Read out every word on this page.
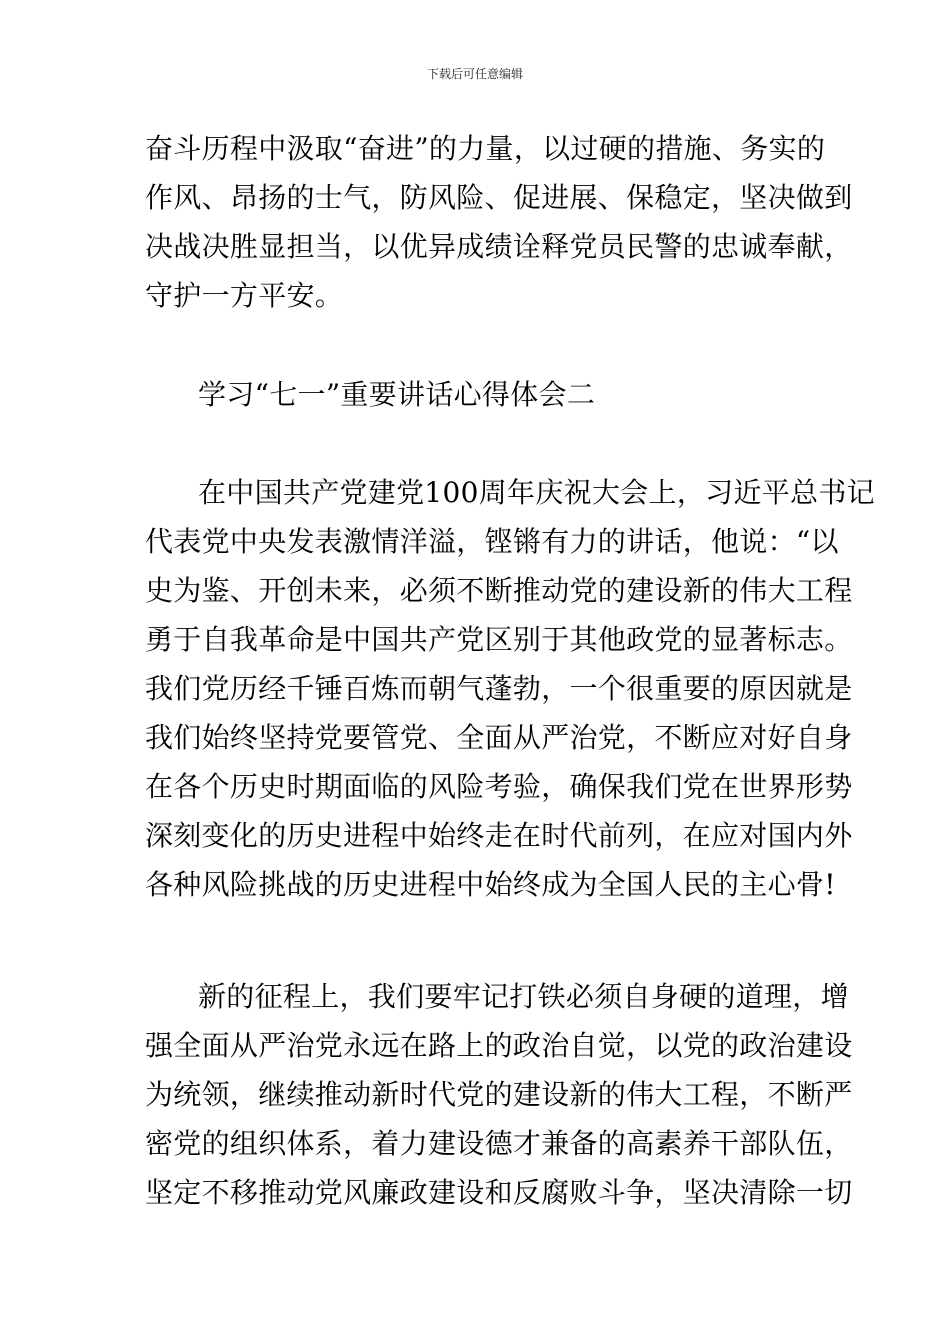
下载后可任意编辑
奋斗历程中汲取“奋进”的力量，以过硬的措施、务实的
作风、昂扬的士气，防风险、促进展、保稳定，坚决做到
决战决胜显担当，以优异成绩诠释党员民警的忠诚奉献，
守护一方平安。
学习“七一”重要讲话心得体会二
在中国共产党建党100周年庆祝大会上，习近平总书记
代表党中央发表激情洋溢，铿锵有力的讲话，他说：“以
史为鉴、开创未来，必须不断推动党的建设新的伟大工程
勇于自我革命是中国共产党区别于其他政党的显著标志。
我们党历经千锤百炼而朝气蓬勃，一个很重要的原因就是
我们始终坚持党要管党、全面从严治党，不断应对好自身
在各个历史时期面临的风险考验，确保我们党在世界形势
深刻变化的历史进程中始终走在时代前列，在应对国内外
各种风险挑战的历史进程中始终成为全国人民的主心骨!
新的征程上，我们要牢记打铁必须自身硬的道理，增
强全面从严治党永远在路上的政治自觉，以党的政治建设
为统领，继续推动新时代党的建设新的伟大工程，不断严
密党的组织体系，着力建设德才兼备的高素养干部队伍，
坚定不移推动党风廉政建设和反腐败斗争，坚决清除一切
